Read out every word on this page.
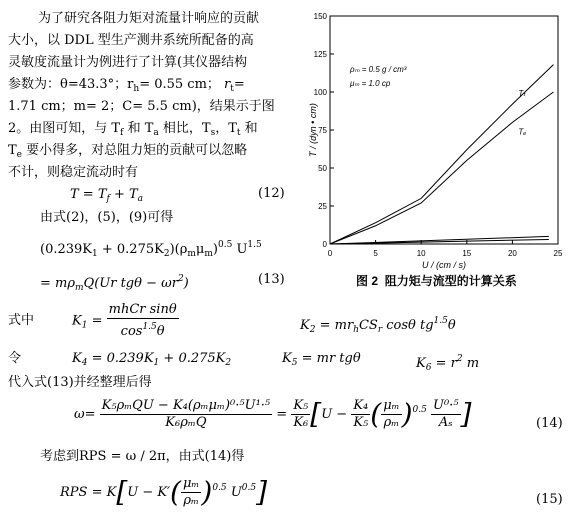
为了研究各阻力矩对流量计响应的贡献
大小，以 DDL 型生产测井系统所配备的高
灵敏度流量计为例进行了计算(其仪器结构
参数为：θ=43.3°；$r_h= 0.55$ cm； $r_t=$
1.71 cm；m= 2；C= 5.5 cm)，结果示于图
2。由图可知，与 $T_f$ 和 $T_a$ 相比，$T_s$，$T_t$ 和
$T_e$ 要小得多，对总阻力矩的贡献可以忽略
不计，则稳定流动时有
$T = T_f + T_a$	(12)
由式(2)，(5)，(9)可得
$(0.239K_1 + 0.275K_2)(\rho_m\mu_m)^{0.5}$ $U^{1.5}$
= $m\rho_mQ(Ur$ $tg\theta - \omega r^2$)	(13)
式中	$K_1 = \frac{\text{mhCr sinθ}}{\cos^{1.5}\theta}$	$K_2 = mr_hCS_r$ cosθ $tg^{1.5}\theta$
令	$K_4 = 0.239K_1 + 0.275K_2$	$K_5$ = mr tgθ	$K_6 = r^2$ m
代入式(13)并经整理后得
$\omega= \frac{\text{K₅ρₘQU − K₄(ρₘμₘ)⁰·⁵U¹·⁵}}{\text{K₆ρₘQ}} = \frac{\text{K₅}}{\text{K₆}} [U - \frac{\text{K₄}}{\text{K₅}}$ ( $\frac{\text{μₘ}}{\text{ρₘ}} )^{0.5} \frac{\text{U⁰·⁵}}{\text{Aₛ}}$ ]	(14)
考虑到RPS = ω / 2π，由式(14)得
RPS = $K[U - K'( \frac{\text{μₘ}}{\text{ρₘ}} )^{0.5}$ $U^{0.5}$]	(15)
0	5	10	15	20	25
0
25
50
75
100
125
150
Tₜ
Tₑ
U / (cm / s)
T / (dyn • cm)
ρₘ = 0.5 g / cm³
μₘ = 1.0 cp
图 2 阻力矩与流型的计算关系
